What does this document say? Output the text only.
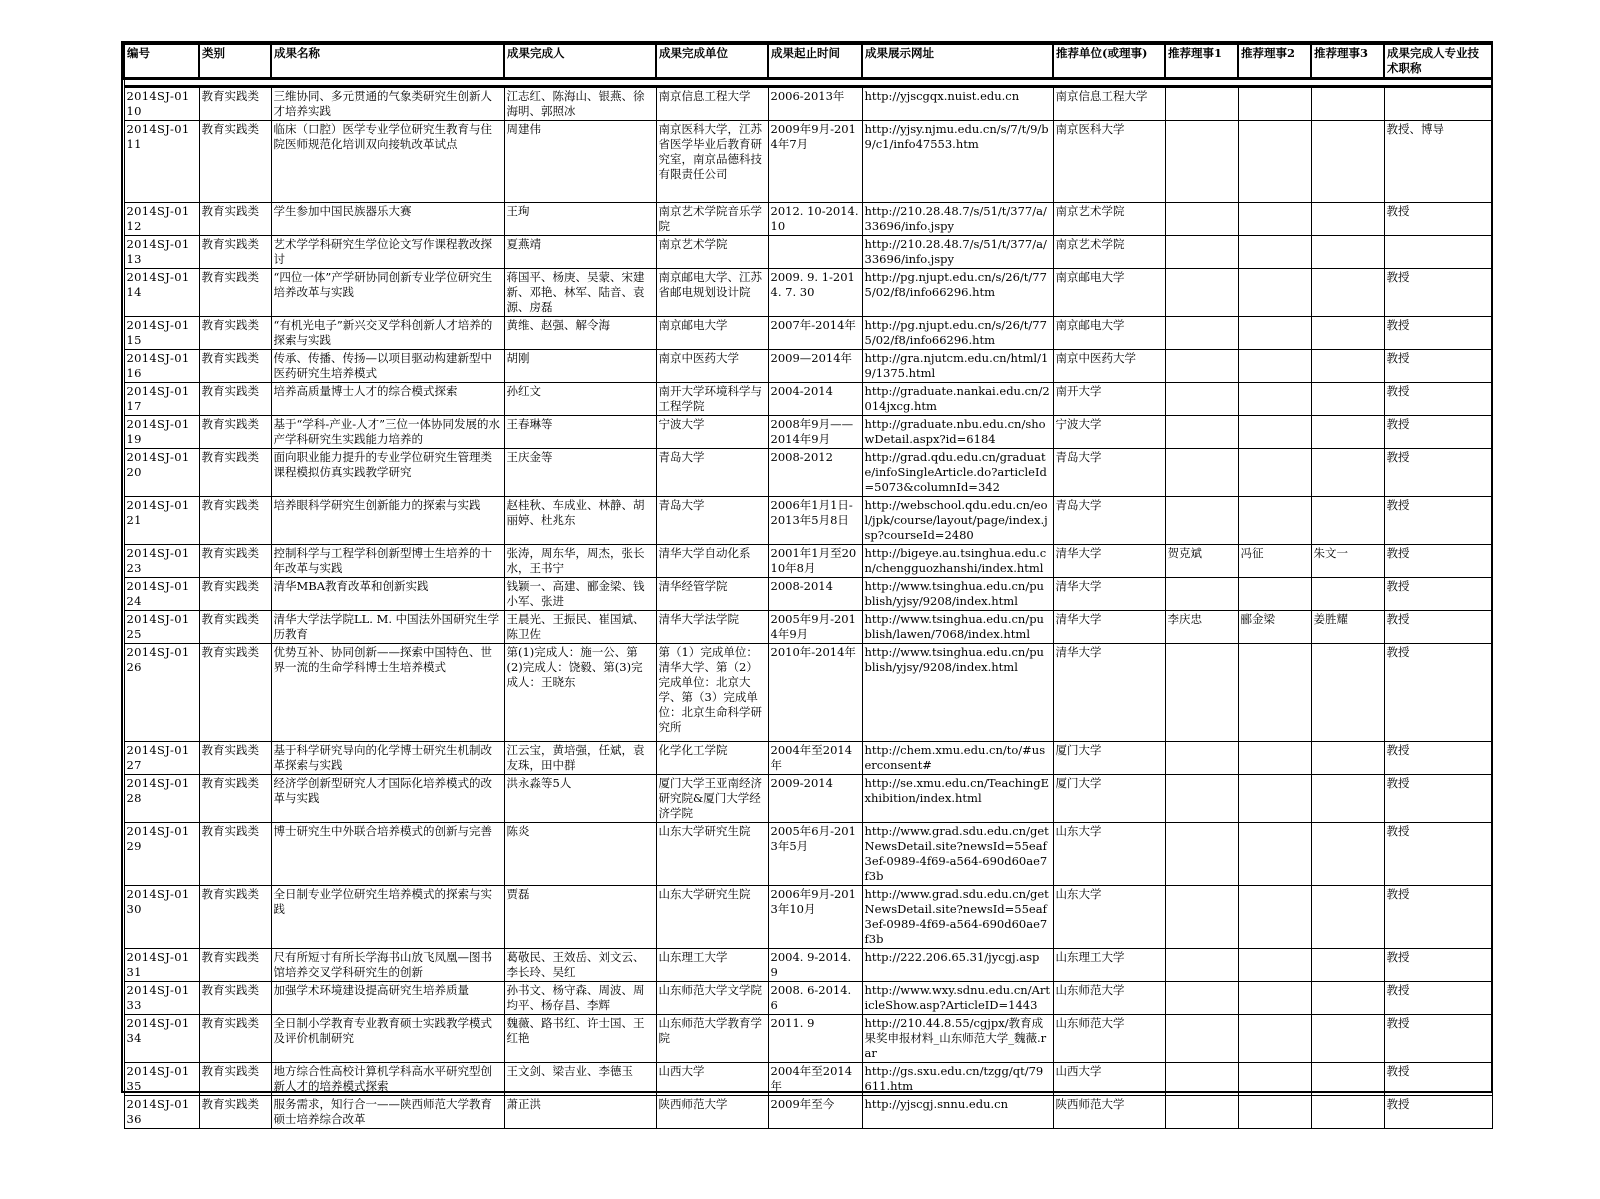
编号	类别	成果名称	成果完成人	成果完成单位	成果起止时间	成果展示网址	推荐单位(或理事)	推荐理事1	推荐理事2	推荐理事3	成果完成人专业技术职称

2014SJ-0110	教育实践类	三维协同、多元贯通的气象类研究生创新人才培养实践	江志红、陈海山、银燕、徐海明、郭照冰	南京信息工程大学	2006-2013年	http://yjscgqx.nuist.edu.cn	南京信息工程大学				
2014SJ-0111	教育实践类	临床（口腔）医学专业学位研究生教育与住院医师规范化培训双向接轨改革试点	周建伟	南京医科大学，江苏省医学毕业后教育研究室，南京品德科技有限责任公司	2009年9月-2014年7月	http://yjsy.njmu.edu.cn/s/7/t/9/b9/c1/info47553.htm	南京医科大学				教授、博导
2014SJ-0112	教育实践类	学生参加中国民族器乐大赛	王珣	南京艺术学院音乐学院	2012. 10-2014. 10	http://210.28.48.7/s/51/t/377/a/33696/info.jspy	南京艺术学院				教授
2014SJ-0113	教育实践类	艺术学学科研究生学位论文写作课程教改探讨	夏燕靖	南京艺术学院		http://210.28.48.7/s/51/t/377/a/33696/info.jspy	南京艺术学院				
2014SJ-0114	教育实践类	“四位一体”产学研协同创新专业学位研究生培养改革与实践	蒋国平、杨庚、吴蒙、宋建新、邓艳、林军、陆音、袁源、房磊	南京邮电大学、江苏省邮电规划设计院	2009. 9. 1-2014. 7. 30	http://pg.njupt.edu.cn/s/26/t/775/02/f8/info66296.htm	南京邮电大学				教授
2014SJ-0115	教育实践类	“有机光电子”新兴交叉学科创新人才培养的探索与实践	黄维、赵强、解令海	南京邮电大学	2007年-2014年	http://pg.njupt.edu.cn/s/26/t/775/02/f8/info66296.htm	南京邮电大学				教授
2014SJ-0116	教育实践类	传承、传播、传扬—以项目驱动构建新型中医药研究生培养模式	胡刚	南京中医药大学	2009—2014年	http://gra.njutcm.edu.cn/html/19/1375.html	南京中医药大学				教授
2014SJ-0117	教育实践类	培养高质量博士人才的综合模式探索	孙红文	南开大学环境科学与工程学院	2004-2014	http://graduate.nankai.edu.cn/2014jxcg.htm	南开大学				教授
2014SJ-0119	教育实践类	基于“学科-产业-人才”三位一体协同发展的水产学科研究生实践能力培养的	王春琳等	宁波大学	2008年9月——2014年9月	http://graduate.nbu.edu.cn/showDetail.aspx?id=6184	宁波大学				教授
2014SJ-0120	教育实践类	面向职业能力提升的专业学位研究生管理类课程模拟仿真实践教学研究	王庆金等	青岛大学	2008-2012	http://grad.qdu.edu.cn/graduate/infoSingleArticle.do?articleId=5073&columnId=342	青岛大学				教授
2014SJ-0121	教育实践类	培养眼科学研究生创新能力的探索与实践	赵桂秋、车成业、林静、胡丽婷、杜兆东	青岛大学	2006年1月1日-2013年5月8日	http://webschool.qdu.edu.cn/eol/jpk/course/layout/page/index.jsp?courseId=2480	青岛大学				教授
2014SJ-0123	教育实践类	控制科学与工程学科创新型博士生培养的十年改革与实践	张涛，周东华，周杰，张长水，王书宁	清华大学自动化系	2001年1月至2010年8月	http://bigeye.au.tsinghua.edu.cn/chengguozhanshi/index.html	清华大学	贺克斌	冯征	朱文一	教授
2014SJ-0124	教育实践类	清华MBA教育改革和创新实践	钱颖一、高建、郦金梁、钱小军、张进	清华经管学院	2008-2014	http://www.tsinghua.edu.cn/publish/yjsy/9208/index.html	清华大学				教授
2014SJ-0125	教育实践类	清华大学法学院LL. M. 中国法外国研究生学历教育	王晨光、王振民、崔国斌、陈卫佐	清华大学法学院	2005年9月-2014年9月	http://www.tsinghua.edu.cn/publish/lawen/7068/index.html	清华大学	李庆忠	郦金梁	姜胜耀	教授
2014SJ-0126	教育实践类	优势互补、协同创新——探索中国特色、世界一流的生命学科博士生培养模式	第(1)完成人：施一公、第(2)完成人：饶毅、第(3)完成人：王晓东	第（1）完成单位：清华大学、第（2）完成单位：北京大学、第（3）完成单位：北京生命科学研究所	2010年-2014年	http://www.tsinghua.edu.cn/publish/yjsy/9208/index.html	清华大学				教授
2014SJ-0127	教育实践类	基于科学研究导向的化学博士研究生机制改革探索与实践	江云宝，黄培强，任斌，袁友珠，田中群	化学化工学院	2004年至2014年	http://chem.xmu.edu.cn/to/#userconsent#	厦门大学				教授
2014SJ-0128	教育实践类	经济学创新型研究人才国际化培养模式的改革与实践	洪永淼等5人	厦门大学王亚南经济研究院&厦门大学经济学院	2009-2014	http://se.xmu.edu.cn/TeachingExhibition/index.html	厦门大学				教授
2014SJ-0129	教育实践类	博士研究生中外联合培养模式的创新与完善	陈炎	山东大学研究生院	2005年6月-2013年5月	http://www.grad.sdu.edu.cn/getNewsDetail.site?newsId=55eaf3ef-0989-4f69-a564-690d60ae7f3b	山东大学				教授
2014SJ-0130	教育实践类	全日制专业学位研究生培养模式的探索与实践	贾磊	山东大学研究生院	2006年9月-2013年10月	http://www.grad.sdu.edu.cn/getNewsDetail.site?newsId=55eaf3ef-0989-4f69-a564-690d60ae7f3b	山东大学				教授
2014SJ-0131	教育实践类	尺有所短寸有所长学海书山放飞凤凰—图书馆培养交叉学科研究生的创新	葛敬民、王效岳、刘文云、李长玲、吴红	山东理工大学	2004. 9-2014. 9	http://222.206.65.31/jycgj.asp	山东理工大学				教授
2014SJ-0133	教育实践类	加强学术环境建设提高研究生培养质量	孙书文、杨守森、周波、周均平、杨存昌、李辉	山东师范大学文学院	2008. 6-2014. 6	http://www.wxy.sdnu.edu.cn/ArticleShow.asp?ArticleID=1443	山东师范大学				教授
2014SJ-0134	教育实践类	全日制小学教育专业教育硕士实践教学模式及评价机制研究	魏薇、路书红、许士国、王红艳	山东师范大学教育学院	2011. 9	http://210.44.8.55/cgjpx/教育成果奖申报材料_山东师范大学_魏薇.rar	山东师范大学				教授
2014SJ-0135	教育实践类	地方综合性高校计算机学科高水平研究型创新人才的培养模式探索	王文剑、梁吉业、李德玉	山西大学	2004年至2014年	http://gs.sxu.edu.cn/tzgg/qt/79611.htm	山西大学				教授
2014SJ-0136	教育实践类	服务需求，知行合一——陕西师范大学教育硕士培养综合改革	萧正洪	陕西师范大学	2009年至今	http://yjscgj.snnu.edu.cn	陕西师范大学				教授
